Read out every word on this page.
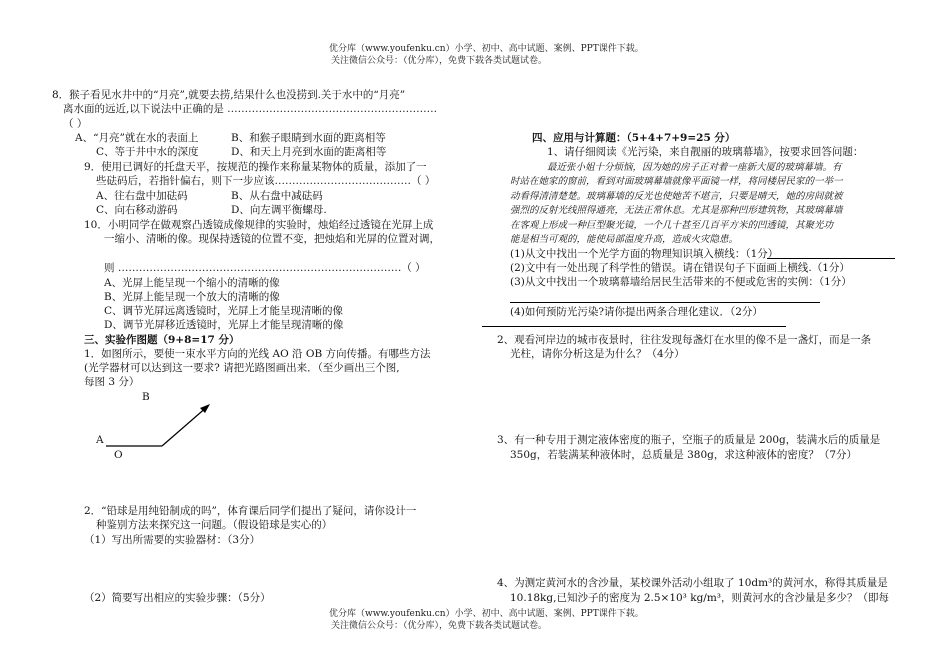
优分库（www.youfenku.cn）小学、初中、高中试题、案例、PPT课件下载。
关注微信公众号：（优分库），免费下载各类试题试卷。
8．猴子看见水井中的“月亮”,就要去捞,结果什么也没捞到.关于水中的“月亮”
离水面的远近,以下说法中正确的是 ……………………………………………………
（ ）
A、“月亮”就在水的表面上	B、和猴子眼睛到水面的距离相等
C、等于井中水的深度	D、和天上月亮到水面的距离相等
9．使用已调好的托盘天平，按规范的操作来称量某物体的质量，添加了一
些砝码后，若指针偏右，则下一步应该…………………………………（ ）
A、往右盘中加砝码	B、从右盘中减砝码
C、向右移动游码	D、向左调平衡螺母.
10．小明同学在做观察凸透镜成像规律的实验时，烛焰经过透镜在光屏上成
一缩小、清晰的像。现保持透镜的位置不变，把烛焰和光屏的位置对调，
则 ………………………………………………………………………（ ）
A、光屏上能呈现一个缩小的清晰的像
B、光屏上能呈现一个放大的清晰的像
C、调节光屏远离透镜时，光屏上才能呈现清晰的像
D、调节光屏移近透镜时，光屏上才能呈现清晰的像
三、实验作图题（9+8=17 分）
1．如图所示，要使一束水平方向的光线 AO 沿 OB 方向传播。有哪些方法
(光学器材可以达到这一要求? 请把光路图画出来．（至少画出三个图,
每图 3 分）
B
A
O
2．“铅球是用纯铅制成的吗”，体育课后同学们提出了疑问，请你设计一
种鉴别方法来探究这一问题。（假设铅球是实心的）
（1）写出所需要的实验器材：（3分）
（2）简要写出相应的实验步骤：（5分）
四、应用与计算题：（5+4+7+9=25 分）
1、请仔细阅读《光污染，来自靓丽的玻璃幕墙》，按要求回答问题：
最近张小姐十分烦恼，因为她的房子正对着一座新大厦的玻璃幕墙。有
时站在她家的窗前，看到对面玻璃幕墙就像平面镜一样，将同楼居民家的一举一
动看得清清楚楚。玻璃幕墙的反光也使她苦不堪言，只要是晴天，她的房间就被
强烈的反射光线照得通亮，无法正常休息。尤其是那种凹形建筑物，其玻璃幕墙
在客观上形成一种巨型聚光镜，一个几十甚至几百平方米的凹透镜，其聚光功
能是相当可观的，能使局部温度升高，造成火灾隐患。
(1)从文中找出一个光学方面的物理知识填入横线：（1分）
(2)文中有一处出现了科学性的错误。请在错误句子下面画上横线.（1分）
(3)从文中找出一个玻璃幕墙给居民生活带来的不便或危害的实例：（1分）
(4)如何预防光污染?请你提出两条合理化建议．（2分）
2、观看河岸边的城市夜景时，往往发现每盏灯在水里的像不是一盏灯，而是一条
光柱，请你分析这是为什么？（4分）
3、有一种专用于测定液体密度的瓶子，空瓶子的质量是 200g，装满水后的质量是
350g，若装满某种液体时，总质量是 380g，求这种液体的密度？（7分）
4、为测定黄河水的含沙量，某校课外活动小组取了 10dm³的黄河水，称得其质量是
10.18kg,已知沙子的密度为 2.5×10³ kg/m³，则黄河水的含沙量是多少？（即每
优分库（www.youfenku.cn）小学、初中、高中试题、案例、PPT课件下载。
关注微信公众号：（优分库），免费下载各类试题试卷。
